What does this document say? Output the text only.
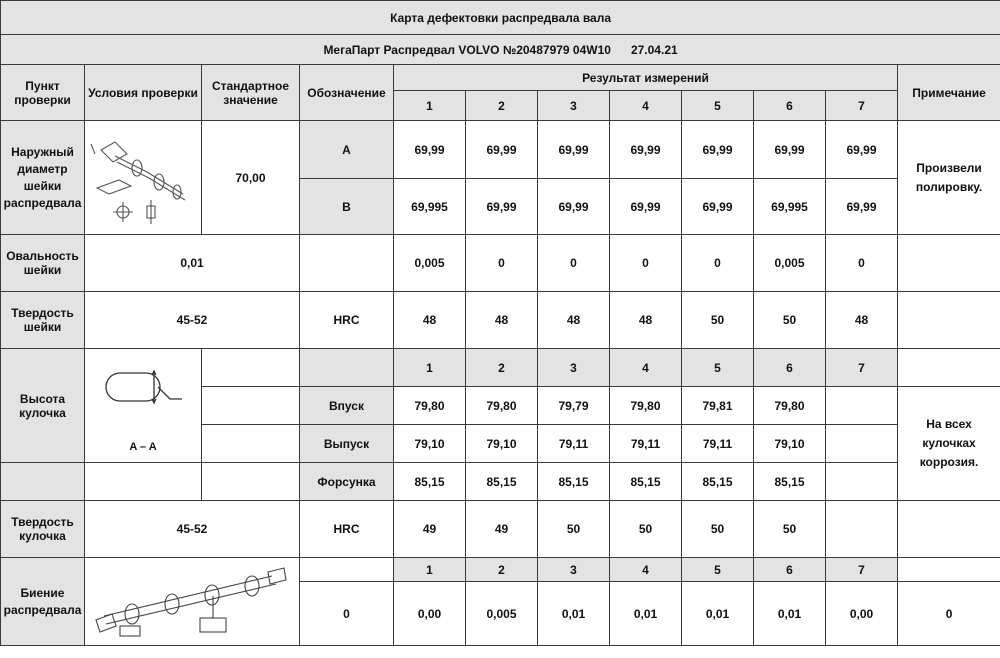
Карта дефектовки распредвала вала											
МегаПарт Распредвал VOLVO №20487979 04W10      27.04.21											
Пункт проверки	Условия проверки	Стандартное значение	Обозначение	Результат измерений							Примечание
				1	2	3	4	5	6	7	
Наружный диаметр шейки распредвала		70,00	A	69,99	69,99	69,99	69,99	69,99	69,99	69,99	Произвели полировку.
			B	69,995	69,99	69,99	69,99	69,99	69,995	69,99	
Овальность шейки	0,01			0,005	0	0	0	0	0,005	0	
Твердость шейки	45-52		HRC	48	48	48	48	50	50	48	
Высота кулочка	A – A			1	2	3	4	5	6	7	
			Впуск	79,80	79,80	79,79	79,80	79,81	79,80		На всех кулочках коррозия.
			Выпуск	79,10	79,10	79,11	79,11	79,11	79,10		
			Форсунка	85,15	85,15	85,15	85,15	85,15	85,15		
Твердость кулочка	45-52		HRC	49	49	50	50	50	50		
Биение распредвала				1	2	3	4	5	6	7	
			0	0,00	0,005	0,01	0,01	0,01	0,01	0,00	0
